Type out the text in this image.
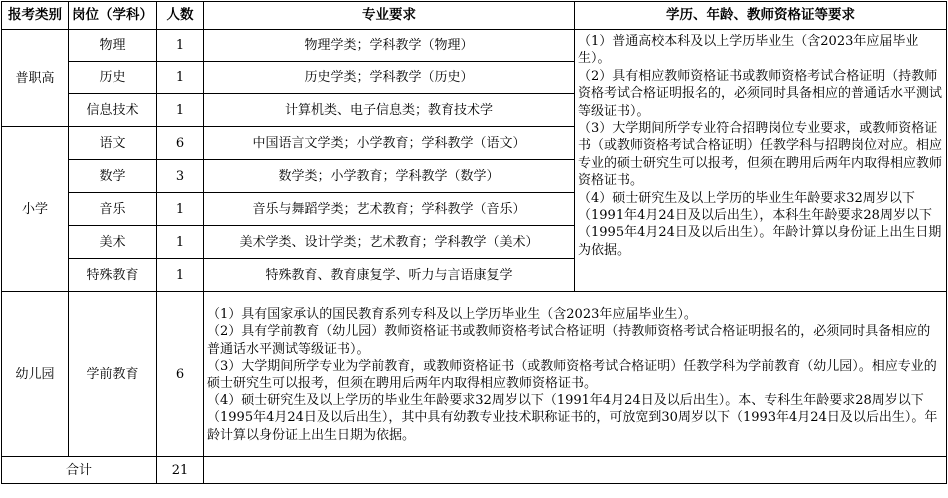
报考类别	岗位（学科）	人数	专业要求	学历、年龄、教师资格证等要求
普职高	物理	1	物理学类；学科教学（物理）	（1）普通高校本科及以上学历毕业生（含2023年应届毕业生）。

（2）具有相应教师资格证书或教师资格考试合格证明（持教师资格考试合格证明报名的，必须同时具备相应的普通话水平测试等级证书）。

（3）大学期间所学专业符合招聘岗位专业要求，或教师资格证书（或教师资格考试合格证明）任教学科与招聘岗位对应。相应专业的硕士研究生可以报考，但须在聘用后两年内取得相应教师资格证书。

（4）硕士研究生及以上学历的毕业生年龄要求32周岁以下（1991年4月24日及以后出生），本科生年龄要求28周岁以下（1995年4月24日及以后出生）。年龄计算以身份证上出生日期为依据。

	历史	1	历史学类；学科教学（历史）	
	信息技术	1	计算机类、电子信息类；教育技术学	
小学	语文	6	中国语言文学类；小学教育；学科教学（语文）	
	数学	3	数学类；小学教育；学科教学（数学）	
	音乐	1	音乐与舞蹈学类；艺术教育；学科教学（音乐）	
	美术	1	美术学类、设计学类；艺术教育；学科教学（美术）	
	特殊教育	1	特殊教育、教育康复学、听力与言语康复学	
幼儿园	学前教育	6	（1）具有国家承认的国民教育系列专科及以上学历毕业生（含2023年应届毕业生）。

（2）具有学前教育（幼儿园）教师资格证书或教师资格考试合格证明（持教师资格考试合格证明报名的，必须同时具备相应的普通话水平测试等级证书）。

（3）大学期间所学专业为学前教育，或教师资格证书（或教师资格考试合格证明）任教学科为学前教育（幼儿园）。相应专业的硕士研究生可以报考，但须在聘用后两年内取得相应教师资格证书。

（4）硕士研究生及以上学历的毕业生年龄要求32周岁以下（1991年4月24日及以后出生）。本、专科生年龄要求28周岁以下（1995年4月24日及以后出生），其中具有幼教专业技术职称证书的，可放宽到30周岁以下（1993年4月24日及以后出生）。年龄计算以身份证上出生日期为依据。	

合计		21		
